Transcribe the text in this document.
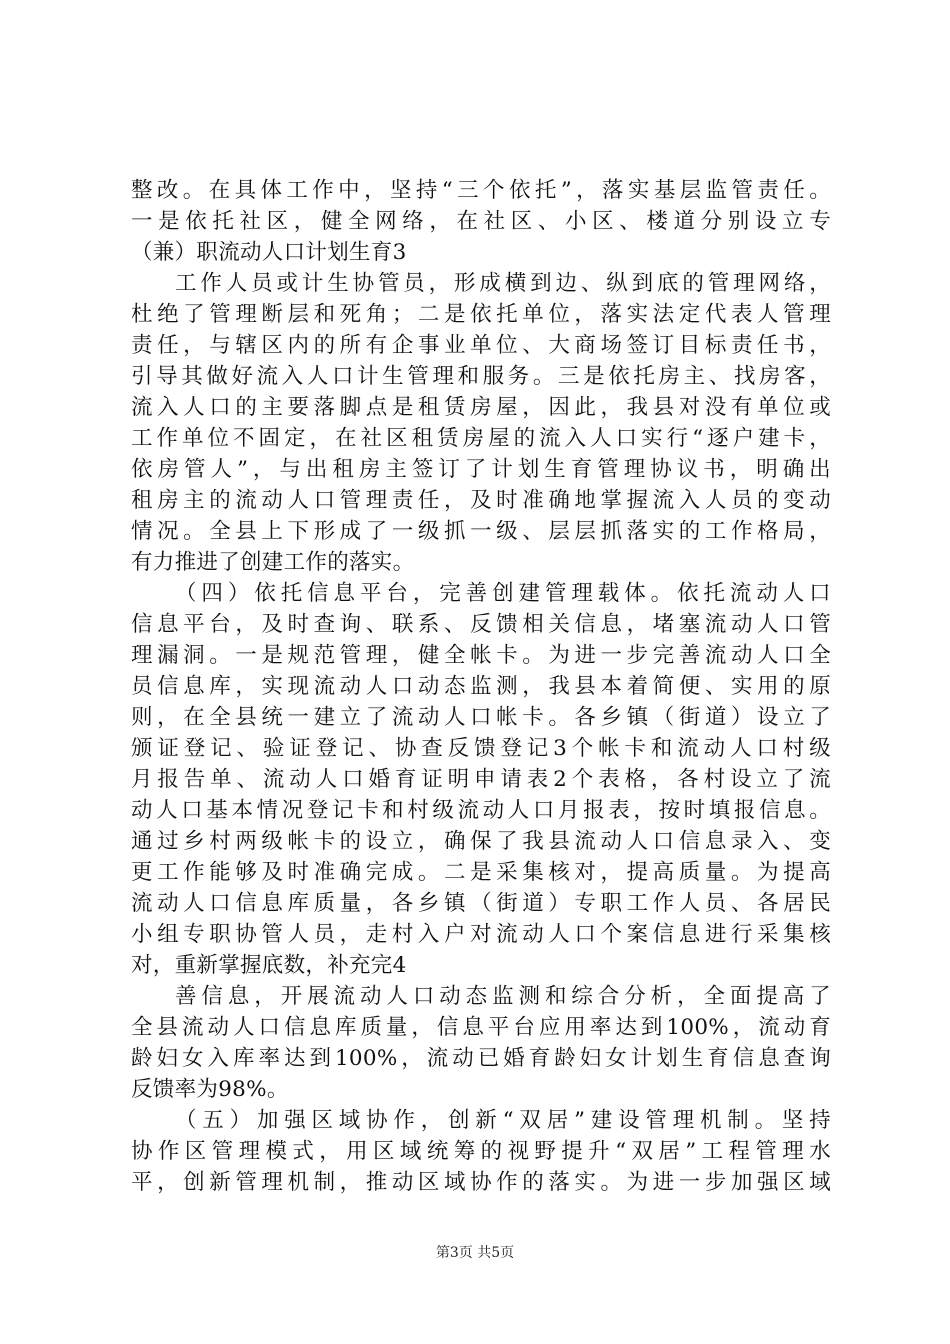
整改。在具体工作中，坚持“三个依托”，落实基层监管责任。
一是依托社区，健全网络，在社区、小区、楼道分别设立专
（兼）职流动人口计划生育3

工作人员或计生协管员，形成横到边、纵到底的管理网络，
杜绝了管理断层和死角；二是依托单位，落实法定代表人管理
责任，与辖区内的所有企事业单位、大商场签订目标责任书，
引导其做好流入人口计生管理和服务。三是依托房主、找房客，
流入人口的主要落脚点是租赁房屋，因此，我县对没有单位或
工作单位不固定，在社区租赁房屋的流入人口实行“逐户建卡，
依房管人”，与出租房主签订了计划生育管理协议书，明确出
租房主的流动人口管理责任，及时准确地掌握流入人员的变动
情况。全县上下形成了一级抓一级、层层抓落实的工作格局，
有力推进了创建工作的落实。

（四）依托信息平台，完善创建管理载体。依托流动人口
信息平台，及时查询、联系、反馈相关信息，堵塞流动人口管
理漏洞。一是规范管理，健全帐卡。为进一步完善流动人口全
员信息库，实现流动人口动态监测，我县本着简便、实用的原
则，在全县统一建立了流动人口帐卡。各乡镇（街道）设立了
颁证登记、验证登记、协查反馈登记3个帐卡和流动人口村级
月报告单、流动人口婚育证明申请表2个表格，各村设立了流
动人口基本情况登记卡和村级流动人口月报表，按时填报信息。
通过乡村两级帐卡的设立，确保了我县流动人口信息录入、变
更工作能够及时准确完成。二是采集核对，提高质量。为提高
流动人口信息库质量，各乡镇（街道）专职工作人员、各居民
小组专职协管人员，走村入户对流动人口个案信息进行采集核
对，重新掌握底数，补充完4

善信息，开展流动人口动态监测和综合分析，全面提高了
全县流动人口信息库质量，信息平台应用率达到100%，流动育
龄妇女入库率达到100%，流动已婚育龄妇女计划生育信息查询
反馈率为98%。

（五）加强区域协作，创新“双居”建设管理机制。坚持
协作区管理模式，用区域统筹的视野提升“双居”工程管理水
平，创新管理机制，推动区域协作的落实。为进一步加强区域

第3页 共5页
